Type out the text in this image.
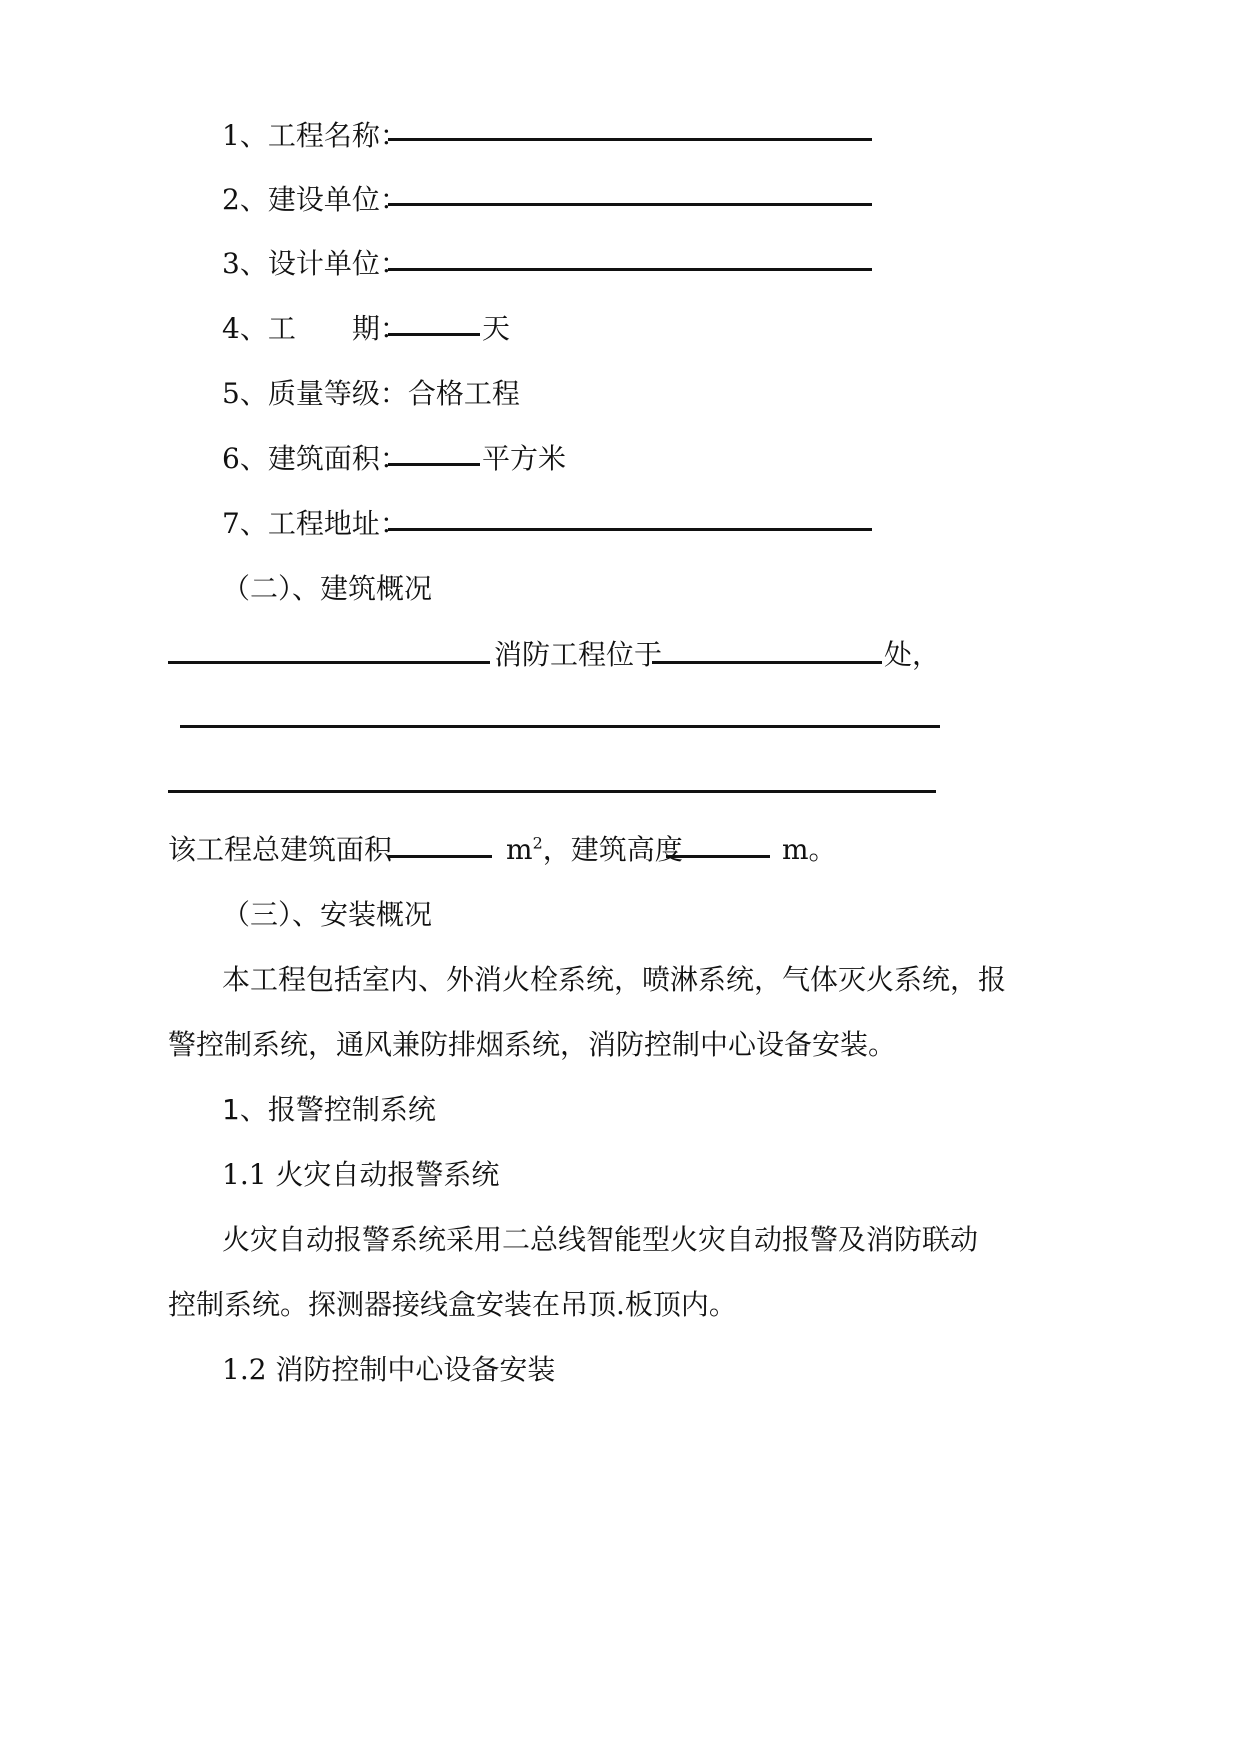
1、工程名称：
2、建设单位：
3、设计单位：
4、工　　期：	天
5、质量等级：合格工程
6、建筑面积：	平方米
7、工程地址：
（二）、建筑概况
消防工程位于	处，
该工程总建筑面积	$m^2$，建筑高度	m。
（三）、安装概况
本工程包括室内、外消火栓系统，喷淋系统，气体灭火系统，报
警控制系统，通风兼防排烟系统，消防控制中心设备安装。
1、报警控制系统
1.1 火灾自动报警系统
火灾自动报警系统采用二总线智能型火灾自动报警及消防联动
控制系统。探测器接线盒安装在吊顶.板顶内。
1.2 消防控制中心设备安装
